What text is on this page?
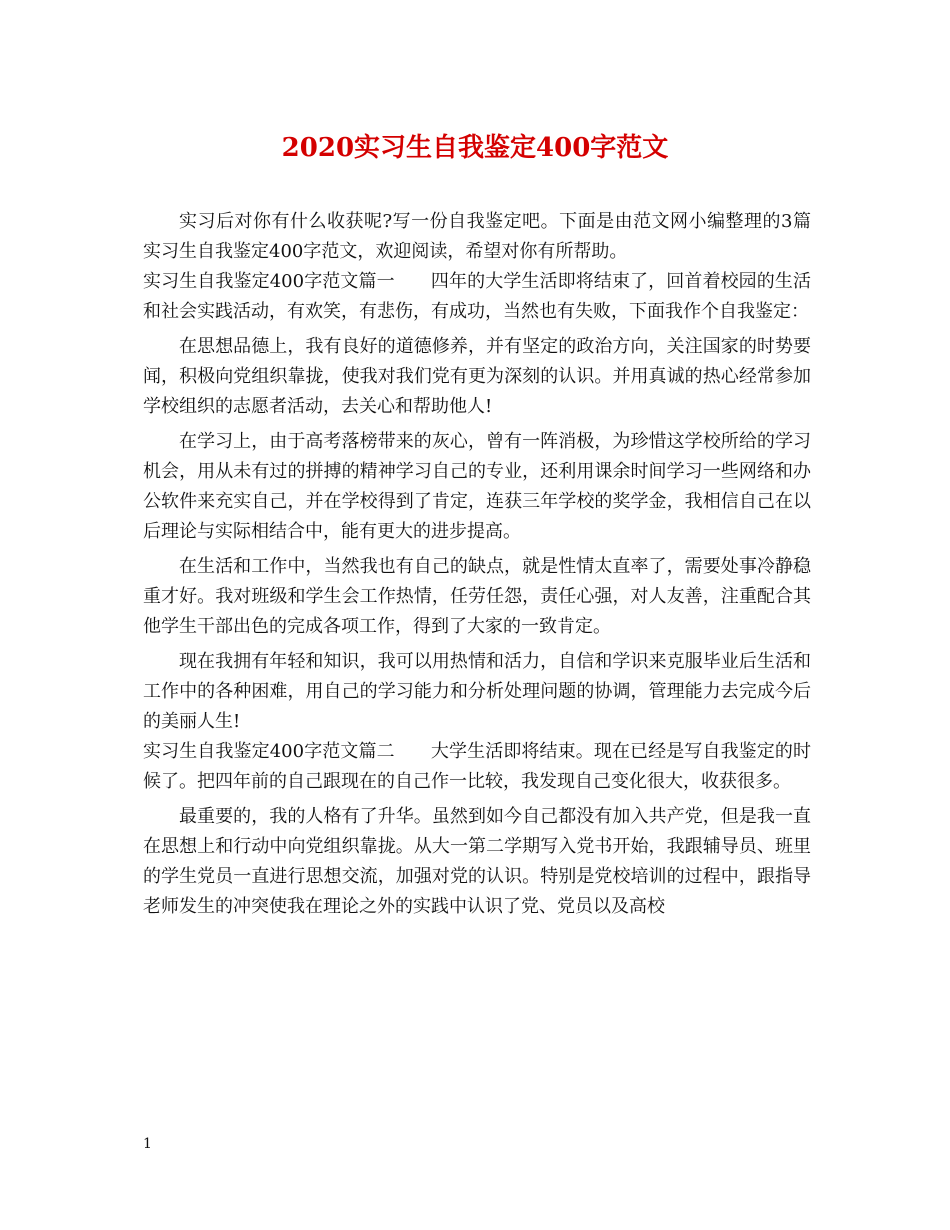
2020实习生自我鉴定400字范文

实习后对你有什么收获呢?写一份自我鉴定吧。下面是由范文网小编整理的3篇实习生自我鉴定400字范文，欢迎阅读，希望对你有所帮助。

实习生自我鉴定400字范文篇一　　四年的大学生活即将结束了，回首着校园的生活和社会实践活动，有欢笑，有悲伤，有成功，当然也有失败，下面我作个自我鉴定：

在思想品德上，我有良好的道德修养，并有坚定的政治方向，关注国家的时势要闻，积极向党组织靠拢，使我对我们党有更为深刻的认识。并用真诚的热心经常参加学校组织的志愿者活动，去关心和帮助他人!

在学习上，由于高考落榜带来的灰心，曾有一阵消极，为珍惜这学校所给的学习机会，用从未有过的拼搏的精神学习自己的专业，还利用课余时间学习一些网络和办公软件来充实自己，并在学校得到了肯定，连获三年学校的奖学金，我相信自己在以后理论与实际相结合中，能有更大的进步提高。

在生活和工作中，当然我也有自己的缺点，就是性情太直率了，需要处事冷静稳重才好。我对班级和学生会工作热情，任劳任怨，责任心强，对人友善，注重配合其他学生干部出色的完成各项工作，得到了大家的一致肯定。

现在我拥有年轻和知识，我可以用热情和活力，自信和学识来克服毕业后生活和工作中的各种困难，用自己的学习能力和分析处理问题的协调，管理能力去完成今后的美丽人生!

实习生自我鉴定400字范文篇二　　大学生活即将结束。现在已经是写自我鉴定的时候了。把四年前的自己跟现在的自己作一比较，我发现自己变化很大，收获很多。

最重要的，我的人格有了升华。虽然到如今自己都没有加入共产党，但是我一直在思想上和行动中向党组织靠拢。从大一第二学期写入党书开始，我跟辅导员、班里的学生党员一直进行思想交流，加强对党的认识。特别是党校培训的过程中，跟指导老师发生的冲突使我在理论之外的实践中认识了党、党员以及高校

1
